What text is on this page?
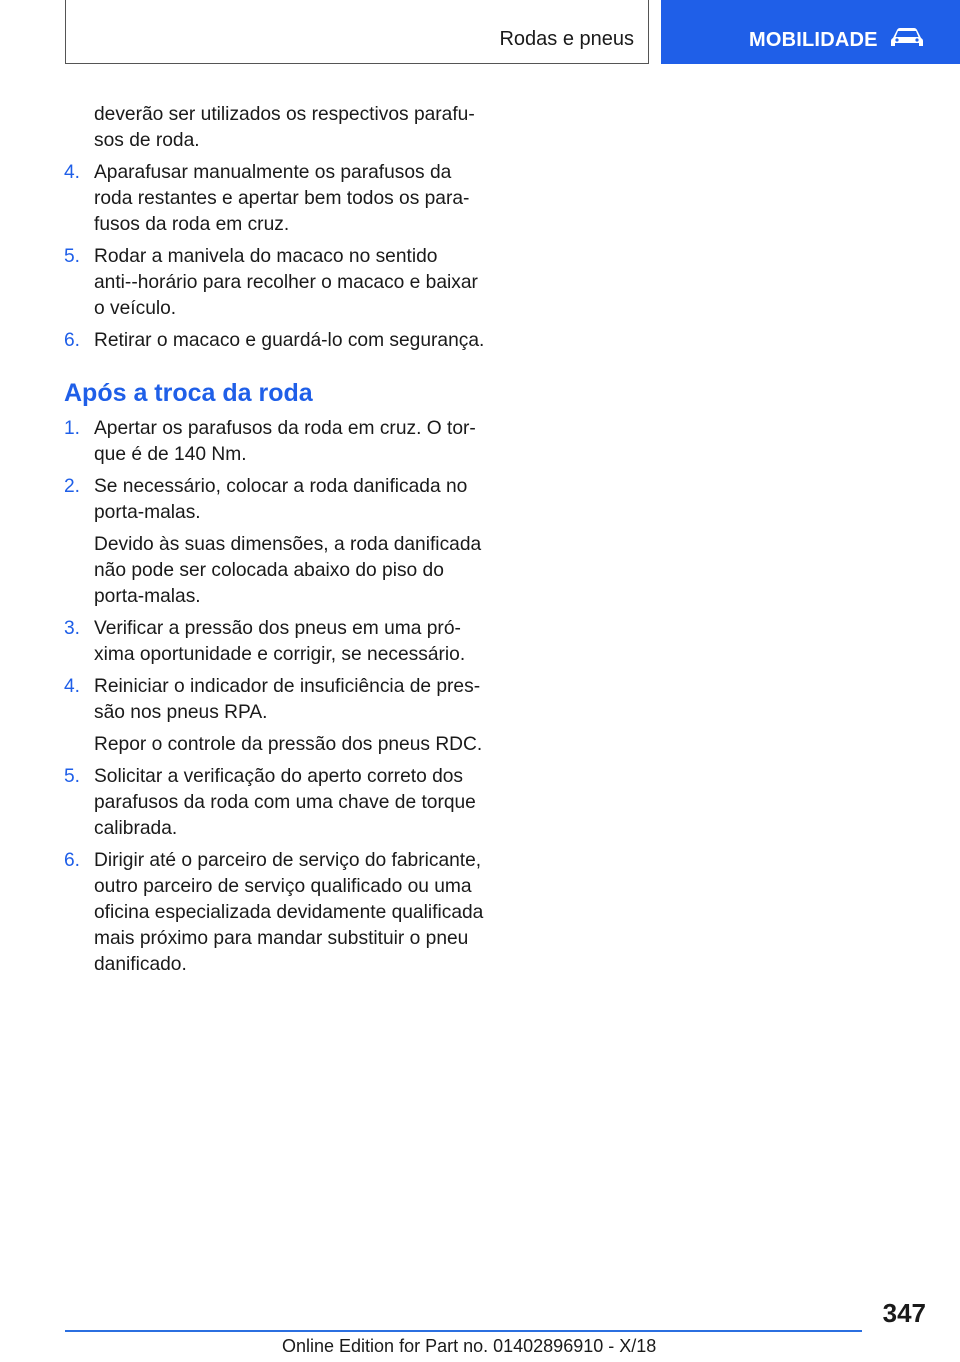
Rodas e pneus	MOBILIDADE
deverão ser utilizados os respectivos parafusos de roda.
4. Aparafusar manualmente os parafusos da roda restantes e apertar bem todos os parafusos da roda em cruz.
5. Rodar a manivela do macaco no sentido anti--horário para recolher o macaco e baixar o veículo.
6. Retirar o macaco e guardá-lo com segurança.
Após a troca da roda
1. Apertar os parafusos da roda em cruz. O torque é de 140 Nm.
2. Se necessário, colocar a roda danificada no porta-malas.
Devido às suas dimensões, a roda danificada não pode ser colocada abaixo do piso do porta-malas.
3. Verificar a pressão dos pneus em uma próxima oportunidade e corrigir, se necessário.
4. Reiniciar o indicador de insuficiência de pressão nos pneus RPA.
Repor o controle da pressão dos pneus RDC.
5. Solicitar a verificação do aperto correto dos parafusos da roda com uma chave de torque calibrada.
6. Dirigir até o parceiro de serviço do fabricante, outro parceiro de serviço qualificado ou uma oficina especializada devidamente qualificada mais próximo para mandar substituir o pneu danificado.
347
Online Edition for Part no. 01402896910 - X/18
